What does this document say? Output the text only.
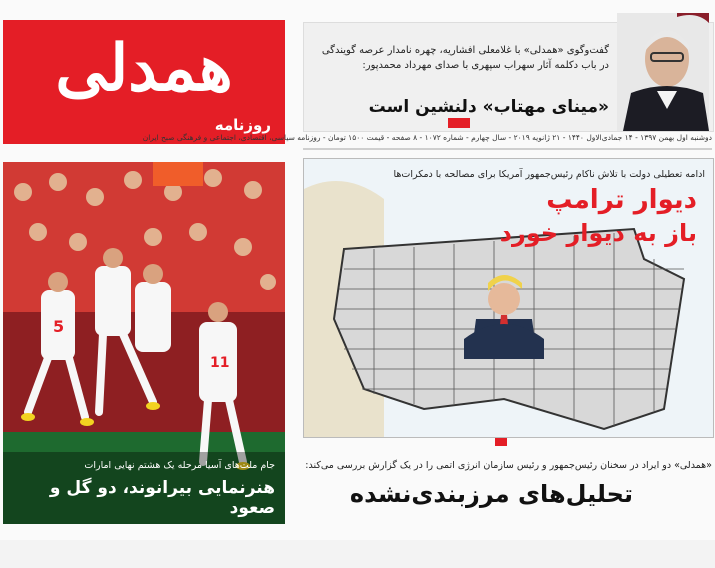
همدلی
روزنامه
گفت‌وگوی «همدلی» با غلامعلی افشاریه، چهره نامدار عرصه گویندگی در باب دکلمه آثار سهراب سپهری با صدای مهرداد محمدپور:
«مینای مهتاب» دلنشین است
دوشنبه اول بهمن ۱۳۹۷ - ۱۴ جمادی‌الاول ۱۴۴۰ - ۲۱ ژانویه ۲۰۱۹ - سال چهارم - شماره ۱۰۷۲ - ۸ صفحه - قیمت ۱۵۰۰ تومان - روزنامه سیاسی، اقتصادی، اجتماعی و فرهنگی صبح ایران
5
11
جام ملت‌های آسیا مرحله یک هشتم نهایی امارات
هنرنمایی بیرانوند، دو گل و صعود
ادامه تعطیلی دولت با تلاش ناکام رئیس‌جمهور آمریکا برای مصالحه با دمکرات‌ها
دیوار ترامپ
باز به دیوار خورد
«همدلی» دو ایراد در سخنان رئیس‌جمهور و رئیس سازمان انرژی اتمی را در یک گزارش بررسی می‌کند:
تحلیل‌های مرزبندی‌نشده
